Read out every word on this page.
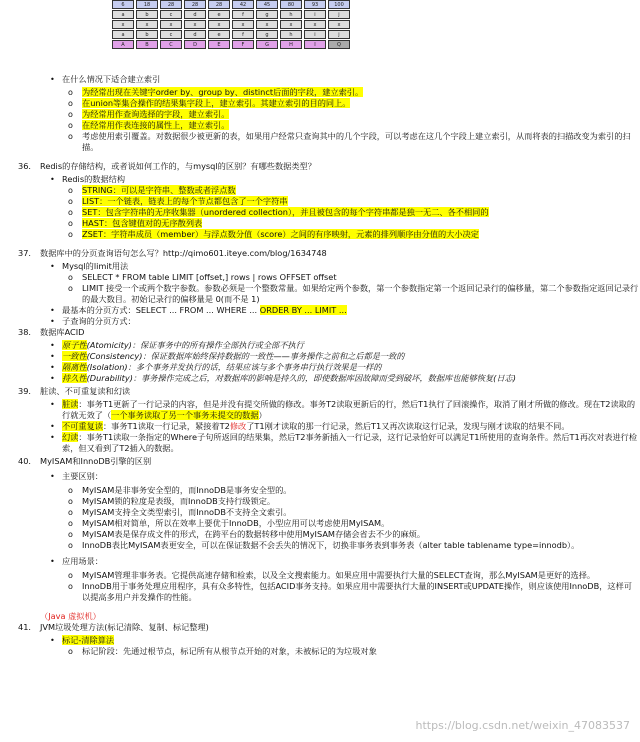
6	18	28	28	28	42	45	80	93	100
a	b	c	d	e	f	g	h	i	j
x	x	x	x	x	x	x	x	x	x
a	b	c	d	e	f	g	h	i	j
A	B	C	D	E	F	G	H	I	Q
• 在什么情况下适合建立索引
o 为经常出现在关键字order by、group by、distinct后面的字段，建立索引。
o 在union等集合操作的结果集字段上，建立索引。其建立索引的目的同上。
o 为经常用作查询选择的字段，建立索引。
o 在经常用作表连接的属性上，建立索引。
o 考虑使用索引覆盖。对数据很少被更新的表，如果用户经常只查询其中的几个字段，可以考虑在这几个字段上建立索引，从而将表的扫描改变为索引的扫描。
36. Redis的存储结构，或者说如何工作的，与mysql的区别？有哪些数据类型？
• Redis的数据结构
o STRING：可以是字符串、整数或者浮点数
o LIST：一个链表，链表上的每个节点都包含了一个字符串
o SET：包含字符串的无序收集器（unordered collection），并且被包含的每个字符串都是独一无二、各不相同的
o HAST：包含键值对的无序散列表
o ZSET：字符串成员（member）与浮点数分值（score）之间的有序映射，元素的排列顺序由分值的大小决定
37. 数据库中的分页查询语句怎么写？http://qimo601.iteye.com/blog/1634748
• Mysql的limit用法
o SELECT * FROM table LIMIT [offset,] rows | rows OFFSET offset
o LIMIT 接受一个或两个数字参数。参数必须是一个整数常量。如果给定两个参数，第一个参数指定第一个返回记录行的偏移量，第二个参数指定返回记录行的最大数目。初始记录行的偏移量是 0(而不是 1)
• 最基本的分页方式：SELECT ... FROM ... WHERE ... ORDER BY ... LIMIT ...
• 子查询的分页方式：
38. 数据库ACID
• 原子性(Atomicity)：保证事务中的所有操作全部执行或全部不执行
• 一致性(Consistency)：保证数据库始终保持数据的一致性——事务操作之前和之后都是一致的
• 隔离性(Isolation)：多个事务并发执行的话，结果应该与多个事务串行执行效果是一样的
• 持久性(Durability)：事务操作完成之后，对数据库的影响是持久的，即使数据库因故障而受到破坏，数据库也能够恢复(日志)
39. 脏读、不可重复读和幻读
• 脏读：事务T1更新了一行记录的内容，但是并没有提交所做的修改。事务T2读取更新后的行，然后T1执行了回滚操作，取消了刚才所做的修改。现在T2读取的行就无效了（一个事务读取了另一个事务未提交的数据）
• 不可重复读：事务T1读取一行记录，紧接着T2修改了T1刚才读取的那一行记录，然后T1又再次读取这行记录，发现与刚才读取的结果不同。
• 幻读：事务T1读取一条指定的Where子句所返回的结果集，然后T2事务新插入一行记录，这行记录恰好可以满足T1所使用的查询条件。然后T1再次对表进行检索，但又看到了T2插入的数据。
40. MyISAM和InnoDB引擎的区别
• 主要区别：
o MyISAM是非事务安全型的，而InnoDB是事务安全型的。
o MyISAM锁的粒度是表级，而InnoDB支持行级锁定。
o MyISAM支持全文类型索引，而InnoDB不支持全文索引。
o MyISAM相对简单，所以在效率上要优于InnoDB，小型应用可以考虑使用MyISAM。
o MyISAM表是保存成文件的形式，在跨平台的数据转移中使用MyISAM存储会省去不少的麻烦。
o InnoDB表比MyISAM表更安全，可以在保证数据不会丢失的情况下，切换非事务表到事务表（alter table tablename type=innodb）。
• 应用场景：
o MyISAM管理非事务表。它提供高速存储和检索，以及全文搜索能力。如果应用中需要执行大量的SELECT查询，那么MyISAM是更好的选择。
o InnoDB用于事务处理应用程序，具有众多特性，包括ACID事务支持。如果应用中需要执行大量的INSERT或UPDATE操作，则应该使用InnoDB，这样可以提高多用户并发操作的性能。
（Java 虚拟机）
41. JVM垃圾处理方法(标记清除、复制、标记整理)
• 标记-清除算法
o 标记阶段：先通过根节点，标记所有从根节点开始的对象，未被标记的为垃圾对象
https://blog.csdn.net/weixin_47083537
